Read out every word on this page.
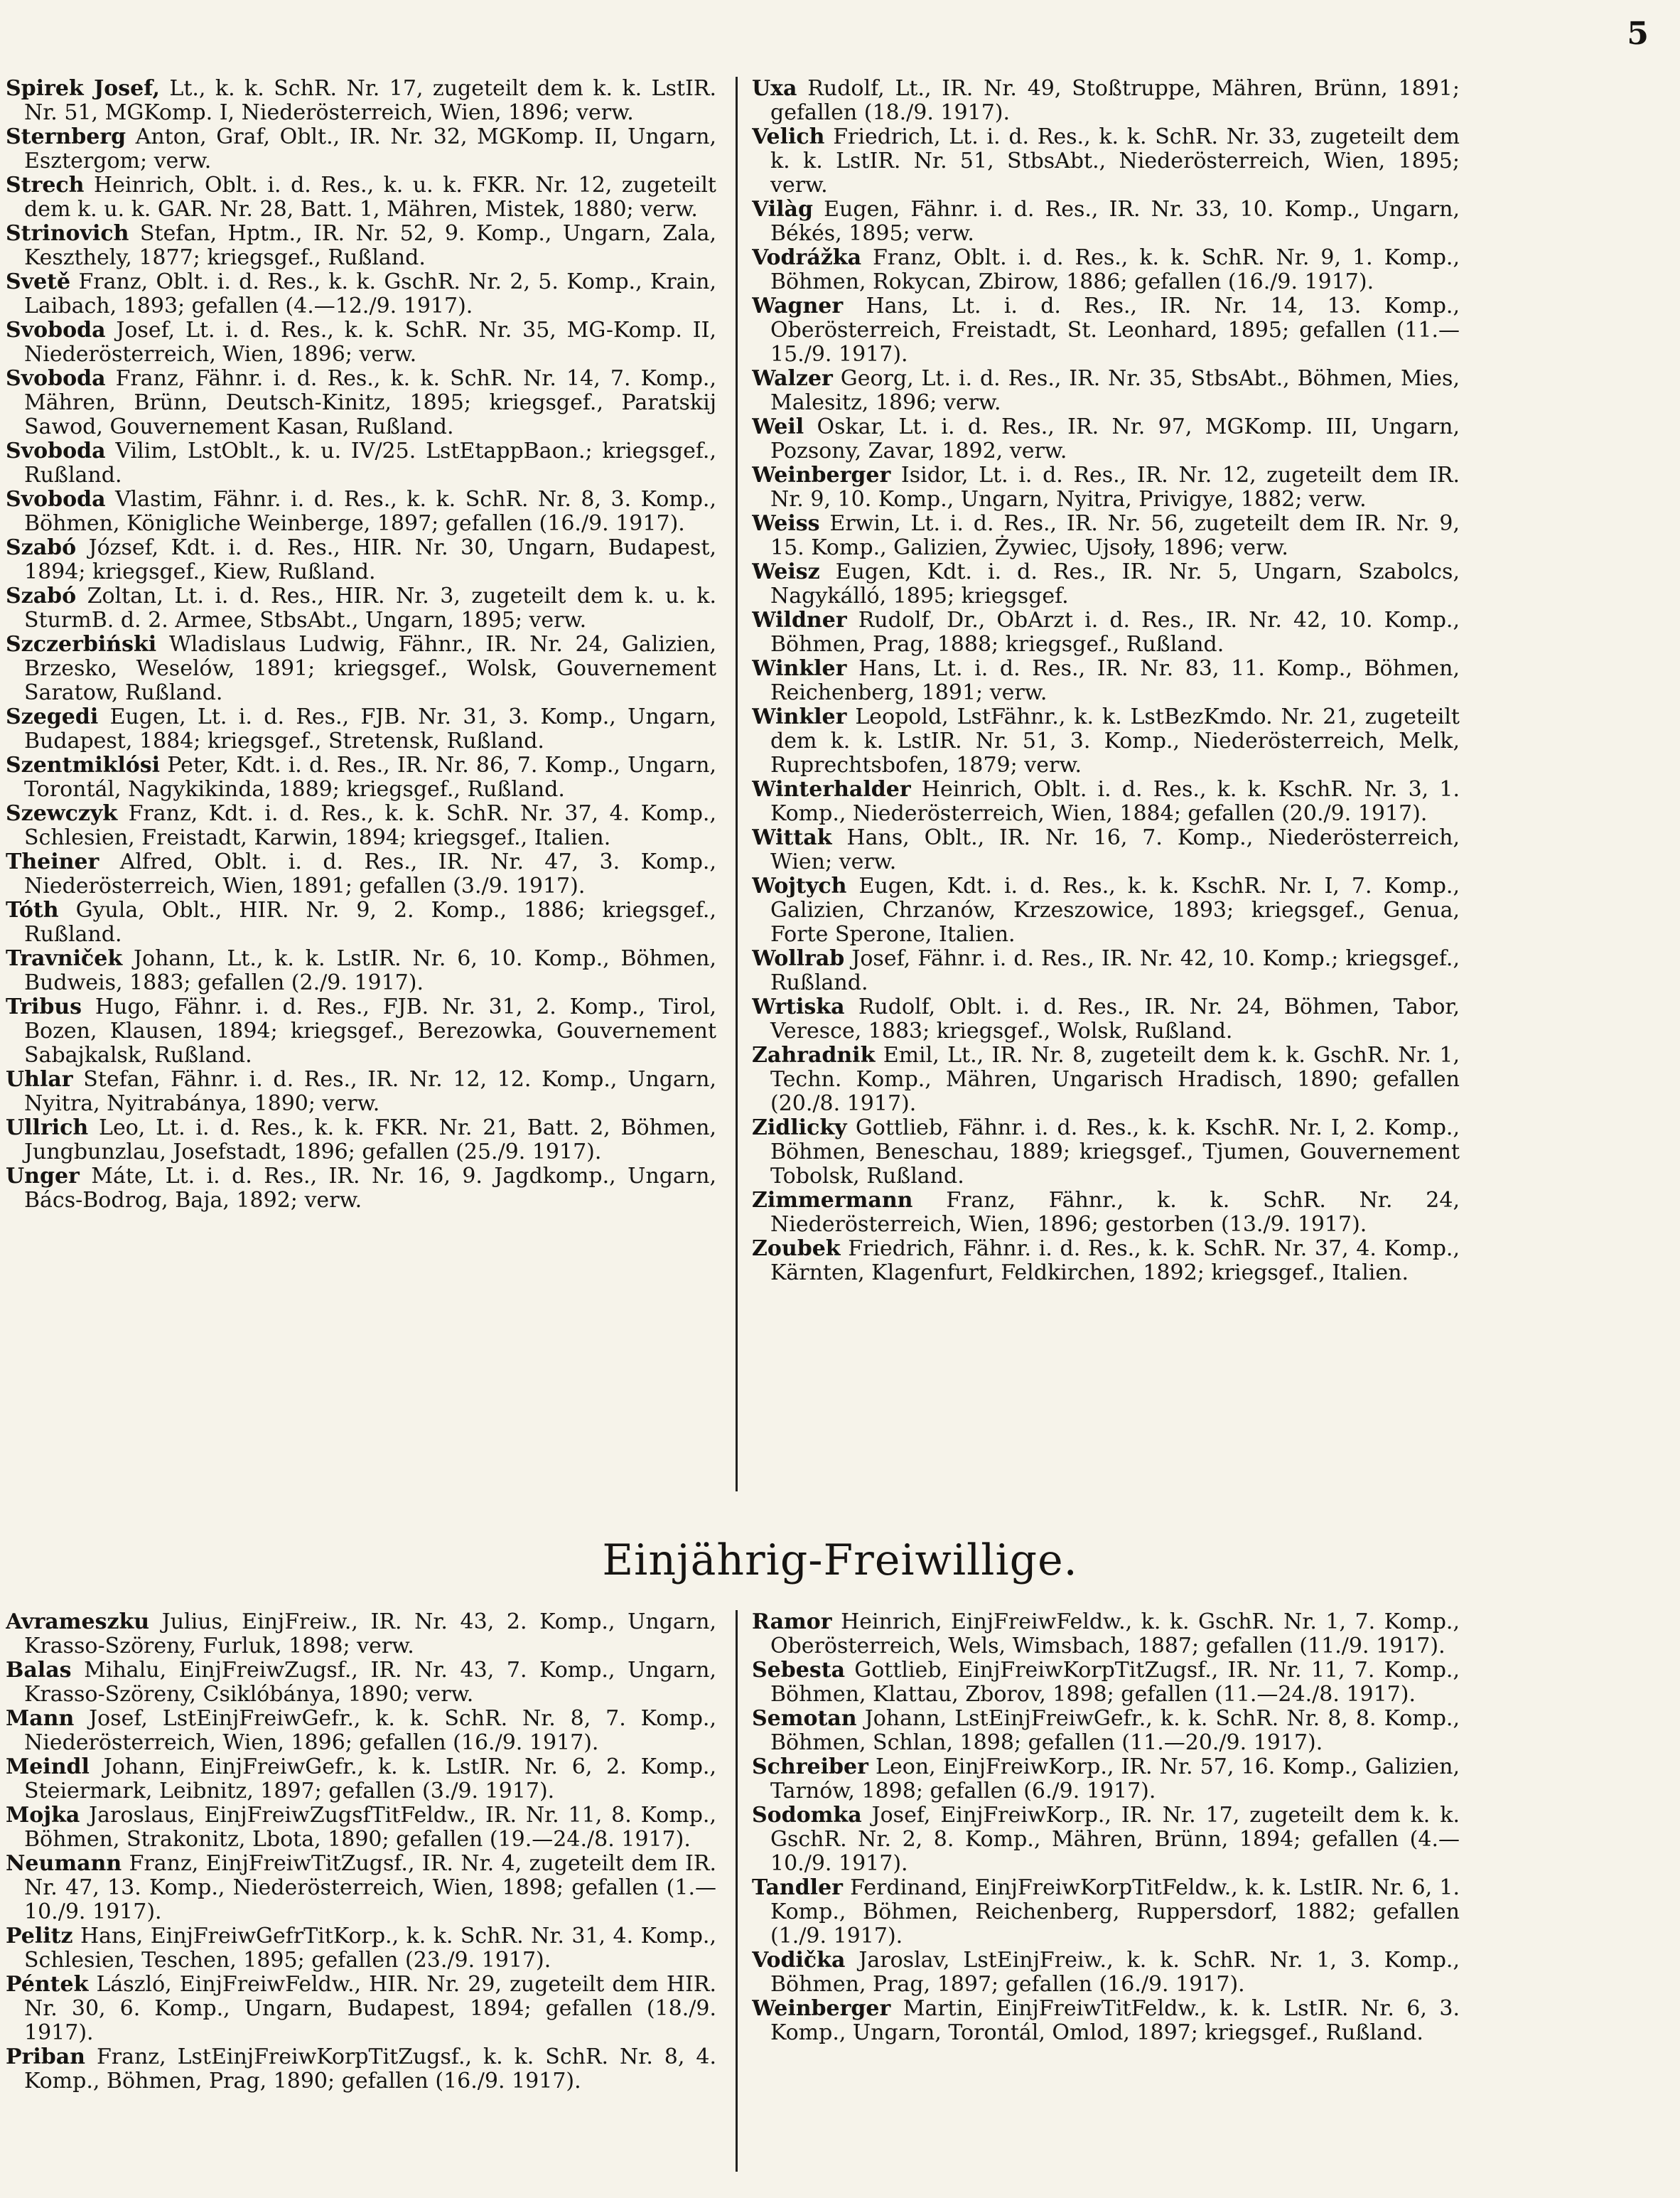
5

Spirek Josef, Lt., k. k. SchR. Nr. 17, zugeteilt dem k. k. LstIR. Nr. 51, MGKomp. I, Niederösterreich, Wien, 1896; verw.

Sternberg Anton, Graf, Oblt., IR. Nr. 32, MGKomp. II, Ungarn, Esztergom; verw.

Strech Heinrich, Oblt. i. d. Res., k. u. k. FKR. Nr. 12, zugeteilt dem k. u. k. GAR. Nr. 28, Batt. 1, Mähren, Mistek, 1880; verw.

Strinovich Stefan, Hptm., IR. Nr. 52, 9. Komp., Ungarn, Zala, Keszthely, 1877; kriegsgef., Rußland.

Svetě Franz, Oblt. i. d. Res., k. k. GschR. Nr. 2, 5. Komp., Krain, Laibach, 1893; gefallen (4.—12./9. 1917).

Svoboda Josef, Lt. i. d. Res., k. k. SchR. Nr. 35, MG-Komp. II, Niederösterreich, Wien, 1896; verw.

Svoboda Franz, Fähnr. i. d. Res., k. k. SchR. Nr. 14, 7. Komp., Mähren, Brünn, Deutsch-Kinitz, 1895; kriegsgef., Paratskij Sawod, Gouvernement Kasan, Rußland.

Svoboda Vilim, LstOblt., k. u. IV/25. LstEtappBaon.; kriegsgef., Rußland.

Svoboda Vlastim, Fähnr. i. d. Res., k. k. SchR. Nr. 8, 3. Komp., Böhmen, Königliche Weinberge, 1897; gefallen (16./9. 1917).

Szabó József, Kdt. i. d. Res., HIR. Nr. 30, Ungarn, Budapest, 1894; kriegsgef., Kiew, Rußland.

Szabó Zoltan, Lt. i. d. Res., HIR. Nr. 3, zugeteilt dem k. u. k. SturmB. d. 2. Armee, StbsAbt., Ungarn, 1895; verw.

Szczerbiński Wladislaus Ludwig, Fähnr., IR. Nr. 24, Galizien, Brzesko, Weselów, 1891; kriegsgef., Wolsk, Gouvernement Saratow, Rußland.

Szegedi Eugen, Lt. i. d. Res., FJB. Nr. 31, 3. Komp., Ungarn, Budapest, 1884; kriegsgef., Stretensk, Rußland.

Szentmiklósi Peter, Kdt. i. d. Res., IR. Nr. 86, 7. Komp., Ungarn, Torontál, Nagykikinda, 1889; kriegsgef., Rußland.

Szewczyk Franz, Kdt. i. d. Res., k. k. SchR. Nr. 37, 4. Komp., Schlesien, Freistadt, Karwin, 1894; kriegsgef., Italien.

Theiner Alfred, Oblt. i. d. Res., IR. Nr. 47, 3. Komp., Niederösterreich, Wien, 1891; gefallen (3./9. 1917).

Tóth Gyula, Oblt., HIR. Nr. 9, 2. Komp., 1886; kriegsgef., Rußland.

Travniček Johann, Lt., k. k. LstIR. Nr. 6, 10. Komp., Böhmen, Budweis, 1883; gefallen (2./9. 1917).

Tribus Hugo, Fähnr. i. d. Res., FJB. Nr. 31, 2. Komp., Tirol, Bozen, Klausen, 1894; kriegsgef., Berezowka, Gouvernement Sabajkalsk, Rußland.

Uhlar Stefan, Fähnr. i. d. Res., IR. Nr. 12, 12. Komp., Ungarn, Nyitra, Nyitrabánya, 1890; verw.

Ullrich Leo, Lt. i. d. Res., k. k. FKR. Nr. 21, Batt. 2, Böhmen, Jungbunzlau, Josefstadt, 1896; gefallen (25./9. 1917).

Unger Máte, Lt. i. d. Res., IR. Nr. 16, 9. Jagdkomp., Ungarn, Bács-Bodrog, Baja, 1892; verw.

Uxa Rudolf, Lt., IR. Nr. 49, Stoßtruppe, Mähren, Brünn, 1891; gefallen (18./9. 1917).

Velich Friedrich, Lt. i. d. Res., k. k. SchR. Nr. 33, zugeteilt dem k. k. LstIR. Nr. 51, StbsAbt., Niederösterreich, Wien, 1895; verw.

Vilàg Eugen, Fähnr. i. d. Res., IR. Nr. 33, 10. Komp., Ungarn, Békés, 1895; verw.

Vodrážka Franz, Oblt. i. d. Res., k. k. SchR. Nr. 9, 1. Komp., Böhmen, Rokycan, Zbirow, 1886; gefallen (16./9. 1917).

Wagner Hans, Lt. i. d. Res., IR. Nr. 14, 13. Komp., Oberösterreich, Freistadt, St. Leonhard, 1895; gefallen (11.—15./9. 1917).

Walzer Georg, Lt. i. d. Res., IR. Nr. 35, StbsAbt., Böhmen, Mies, Malesitz, 1896; verw.

Weil Oskar, Lt. i. d. Res., IR. Nr. 97, MGKomp. III, Ungarn, Pozsony, Zavar, 1892, verw.

Weinberger Isidor, Lt. i. d. Res., IR. Nr. 12, zugeteilt dem IR. Nr. 9, 10. Komp., Ungarn, Nyitra, Privigye, 1882; verw.

Weiss Erwin, Lt. i. d. Res., IR. Nr. 56, zugeteilt dem IR. Nr. 9, 15. Komp., Galizien, Żywiec, Ujsoły, 1896; verw.

Weisz Eugen, Kdt. i. d. Res., IR. Nr. 5, Ungarn, Szabolcs, Nagykálló, 1895; kriegsgef.

Wildner Rudolf, Dr., ObArzt i. d. Res., IR. Nr. 42, 10. Komp., Böhmen, Prag, 1888; kriegsgef., Rußland.

Winkler Hans, Lt. i. d. Res., IR. Nr. 83, 11. Komp., Böhmen, Reichenberg, 1891; verw.

Winkler Leopold, LstFähnr., k. k. LstBezKmdo. Nr. 21, zugeteilt dem k. k. LstIR. Nr. 51, 3. Komp., Niederösterreich, Melk, Ruprechtsbofen, 1879; verw.

Winterhalder Heinrich, Oblt. i. d. Res., k. k. KschR. Nr. 3, 1. Komp., Niederösterreich, Wien, 1884; gefallen (20./9. 1917).

Wittak Hans, Oblt., IR. Nr. 16, 7. Komp., Niederösterreich, Wien; verw.

Wojtych Eugen, Kdt. i. d. Res., k. k. KschR. Nr. I, 7. Komp., Galizien, Chrzanów, Krzeszowice, 1893; kriegsgef., Genua, Forte Sperone, Italien.

Wollrab Josef, Fähnr. i. d. Res., IR. Nr. 42, 10. Komp.; kriegsgef., Rußland.

Wrtiska Rudolf, Oblt. i. d. Res., IR. Nr. 24, Böhmen, Tabor, Veresce, 1883; kriegsgef., Wolsk, Rußland.

Zahradnik Emil, Lt., IR. Nr. 8, zugeteilt dem k. k. GschR. Nr. 1, Techn. Komp., Mähren, Ungarisch Hradisch, 1890; gefallen (20./8. 1917).

Zidlicky Gottlieb, Fähnr. i. d. Res., k. k. KschR. Nr. I, 2. Komp., Böhmen, Beneschau, 1889; kriegsgef., Tjumen, Gouvernement Tobolsk, Rußland.

Zimmermann Franz, Fähnr., k. k. SchR. Nr. 24, Niederösterreich, Wien, 1896; gestorben (13./9. 1917).

Zoubek Friedrich, Fähnr. i. d. Res., k. k. SchR. Nr. 37, 4. Komp., Kärnten, Klagenfurt, Feldkirchen, 1892; kriegsgef., Italien.

Einjährig-Freiwillige.

Avrameszku Julius, EinjFreiw., IR. Nr. 43, 2. Komp., Ungarn, Krasso-Szöreny, Furluk, 1898; verw.

Balas Mihalu, EinjFreiwZugsf., IR. Nr. 43, 7. Komp., Ungarn, Krasso-Szöreny, Csiklóbánya, 1890; verw.

Mann Josef, LstEinjFreiwGefr., k. k. SchR. Nr. 8, 7. Komp., Niederösterreich, Wien, 1896; gefallen (16./9. 1917).

Meindl Johann, EinjFreiwGefr., k. k. LstIR. Nr. 6, 2. Komp., Steiermark, Leibnitz, 1897; gefallen (3./9. 1917).

Mojka Jaroslaus, EinjFreiwZugsfTitFeldw., IR. Nr. 11, 8. Komp., Böhmen, Strakonitz, Lbota, 1890; gefallen (19.—24./8. 1917).

Neumann Franz, EinjFreiwTitZugsf., IR. Nr. 4, zugeteilt dem IR. Nr. 47, 13. Komp., Niederösterreich, Wien, 1898; gefallen (1.—10./9. 1917).

Pelitz Hans, EinjFreiwGefrTitKorp., k. k. SchR. Nr. 31, 4. Komp., Schlesien, Teschen, 1895; gefallen (23./9. 1917).

Péntek László, EinjFreiwFeldw., HIR. Nr. 29, zugeteilt dem HIR. Nr. 30, 6. Komp., Ungarn, Budapest, 1894; gefallen (18./9. 1917).

Priban Franz, LstEinjFreiwKorpTitZugsf., k. k. SchR. Nr. 8, 4. Komp., Böhmen, Prag, 1890; gefallen (16./9. 1917).

Ramor Heinrich, EinjFreiwFeldw., k. k. GschR. Nr. 1, 7. Komp., Oberösterreich, Wels, Wimsbach, 1887; gefallen (11./9. 1917).

Sebesta Gottlieb, EinjFreiwKorpTitZugsf., IR. Nr. 11, 7. Komp., Böhmen, Klattau, Zborov, 1898; gefallen (11.—24./8. 1917).

Semotan Johann, LstEinjFreiwGefr., k. k. SchR. Nr. 8, 8. Komp., Böhmen, Schlan, 1898; gefallen (11.—20./9. 1917).

Schreiber Leon, EinjFreiwKorp., IR. Nr. 57, 16. Komp., Galizien, Tarnów, 1898; gefallen (6./9. 1917).

Sodomka Josef, EinjFreiwKorp., IR. Nr. 17, zugeteilt dem k. k. GschR. Nr. 2, 8. Komp., Mähren, Brünn, 1894; gefallen (4.—10./9. 1917).

Tandler Ferdinand, EinjFreiwKorpTitFeldw., k. k. LstIR. Nr. 6, 1. Komp., Böhmen, Reichenberg, Ruppersdorf, 1882; gefallen (1./9. 1917).

Vodička Jaroslav, LstEinjFreiw., k. k. SchR. Nr. 1, 3. Komp., Böhmen, Prag, 1897; gefallen (16./9. 1917).

Weinberger Martin, EinjFreiwTitFeldw., k. k. LstIR. Nr. 6, 3. Komp., Ungarn, Torontál, Omlod, 1897; kriegsgef., Rußland.
